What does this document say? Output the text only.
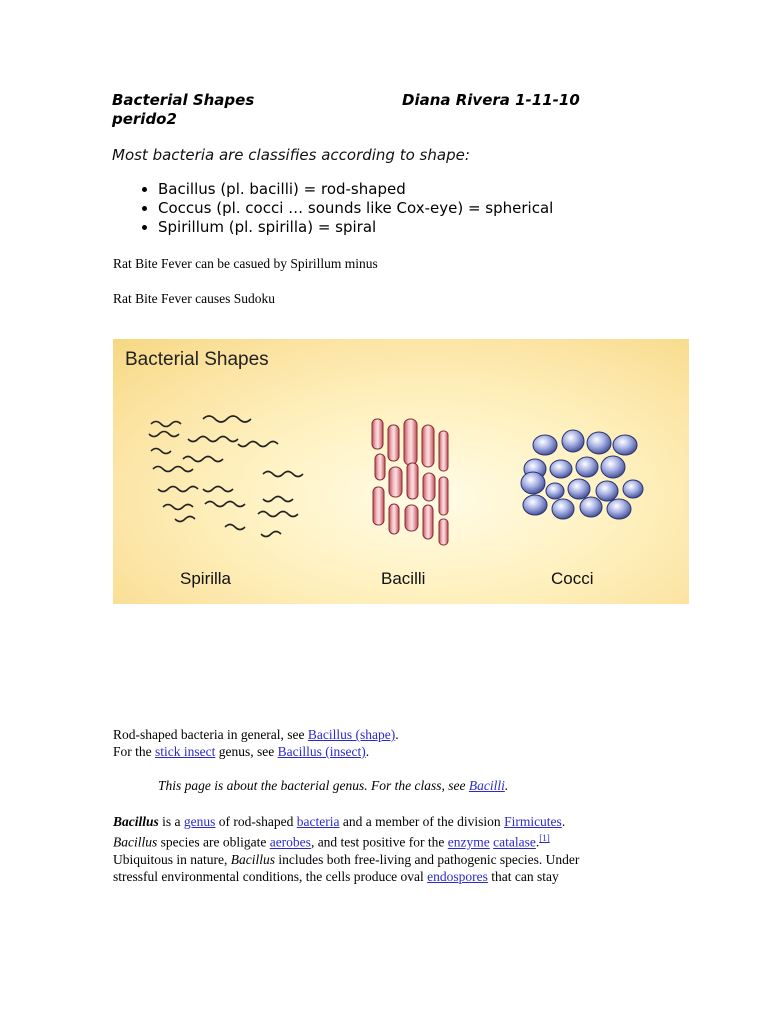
Bacterial Shapes	Diana Rivera 1-11-10
perido2
Most bacteria are classifies according to shape:
• Bacillus (pl. bacilli) = rod-shaped
• Coccus (pl. cocci … sounds like Cox-eye) = spherical
• Spirillum (pl. spirilla) = spiral
Rat Bite Fever can be casued by Spirillum minus
Rat Bite Fever causes Sudoku
Bacterial Shapes
Spirilla	Bacilli	Cocci
Rod-shaped bacteria in general, see Bacillus (shape).
For the stick insect genus, see Bacillus (insect).
This page is about the bacterial genus. For the class, see Bacilli.
Bacillus is a genus of rod-shaped bacteria and a member of the division Firmicutes.
Bacillus species are obligate aerobes, and test positive for the enzyme catalase.[1]
Ubiquitous in nature, Bacillus includes both free-living and pathogenic species. Under
stressful environmental conditions, the cells produce oval endospores that can stay
